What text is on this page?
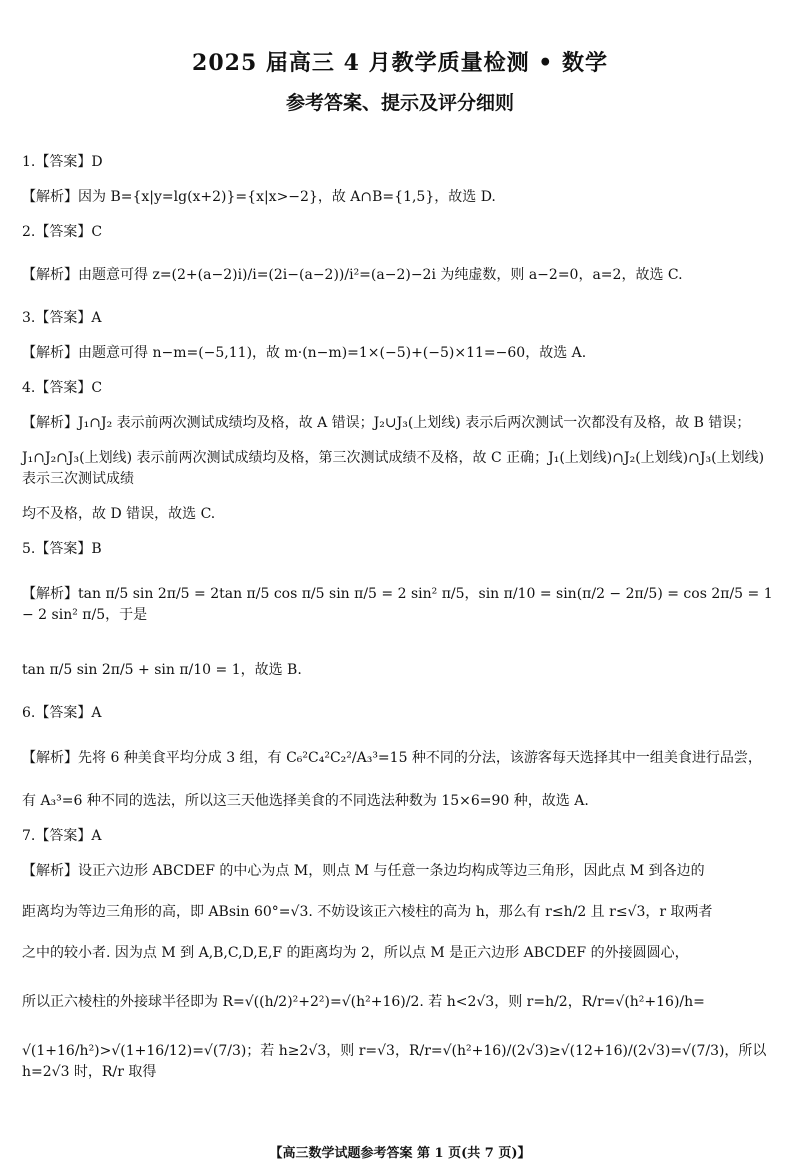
2025 届高三 4 月教学质量检测 • 数学
参考答案、提示及评分细则
1.【答案】D
【解析】因为 B={x|y=lg(x+2)}={x|x>−2}，故 A∩B={1,5}，故选 D.
2.【答案】C
【解析】由题意可得 z=(2+(a−2)i)/i=(2i−(a−2))/i²=(a−2)−2i 为纯虚数，则 a−2=0，a=2，故选 C.
3.【答案】A
【解析】由题意可得 n−m=(−5,11)，故 m·(n−m)=1×(−5)+(−5)×11=−60，故选 A.
4.【答案】C
【解析】J₁∩J₂ 表示前两次测试成绩均及格，故 A 错误；J₂∪J₃(上划线) 表示后两次测试一次都没有及格，故 B 错误；
J₁∩J₂∩J₃(上划线) 表示前两次测试成绩均及格，第三次测试成绩不及格，故 C 正确；J₁(上划线)∩J₂(上划线)∩J₃(上划线) 表示三次测试成绩
均不及格，故 D 错误，故选 C.
5.【答案】B
【解析】tan π/5 sin 2π/5 = 2tan π/5 cos π/5 sin π/5 = 2 sin² π/5，sin π/10 = sin(π/2 − 2π/5) = cos 2π/5 = 1 − 2 sin² π/5，于是
tan π/5 sin 2π/5 + sin π/10 = 1，故选 B.
6.【答案】A
【解析】先将 6 种美食平均分成 3 组，有 C₆²C₄²C₂²/A₃³=15 种不同的分法，该游客每天选择其中一组美食进行品尝，
有 A₃³=6 种不同的选法，所以这三天他选择美食的不同选法种数为 15×6=90 种，故选 A.
7.【答案】A
【解析】设正六边形 ABCDEF 的中心为点 M，则点 M 与任意一条边均构成等边三角形，因此点 M 到各边的
距离均为等边三角形的高，即 ABsin 60°=√3. 不妨设该正六棱柱的高为 h，那么有 r≤h/2 且 r≤√3，r 取两者
之中的较小者. 因为点 M 到 A,B,C,D,E,F 的距离均为 2，所以点 M 是正六边形 ABCDEF 的外接圆圆心，
所以正六棱柱的外接球半径即为 R=√((h/2)²+2²)=√(h²+16)/2. 若 h<2√3，则 r=h/2，R/r=√(h²+16)/h=
√(1+16/h²)>√(1+16/12)=√(7/3)；若 h≥2√3，则 r=√3，R/r=√(h²+16)/(2√3)≥√(12+16)/(2√3)=√(7/3)，所以 h=2√3 时，R/r 取得
【高三数学试题参考答案 第 1 页(共 7 页)】
